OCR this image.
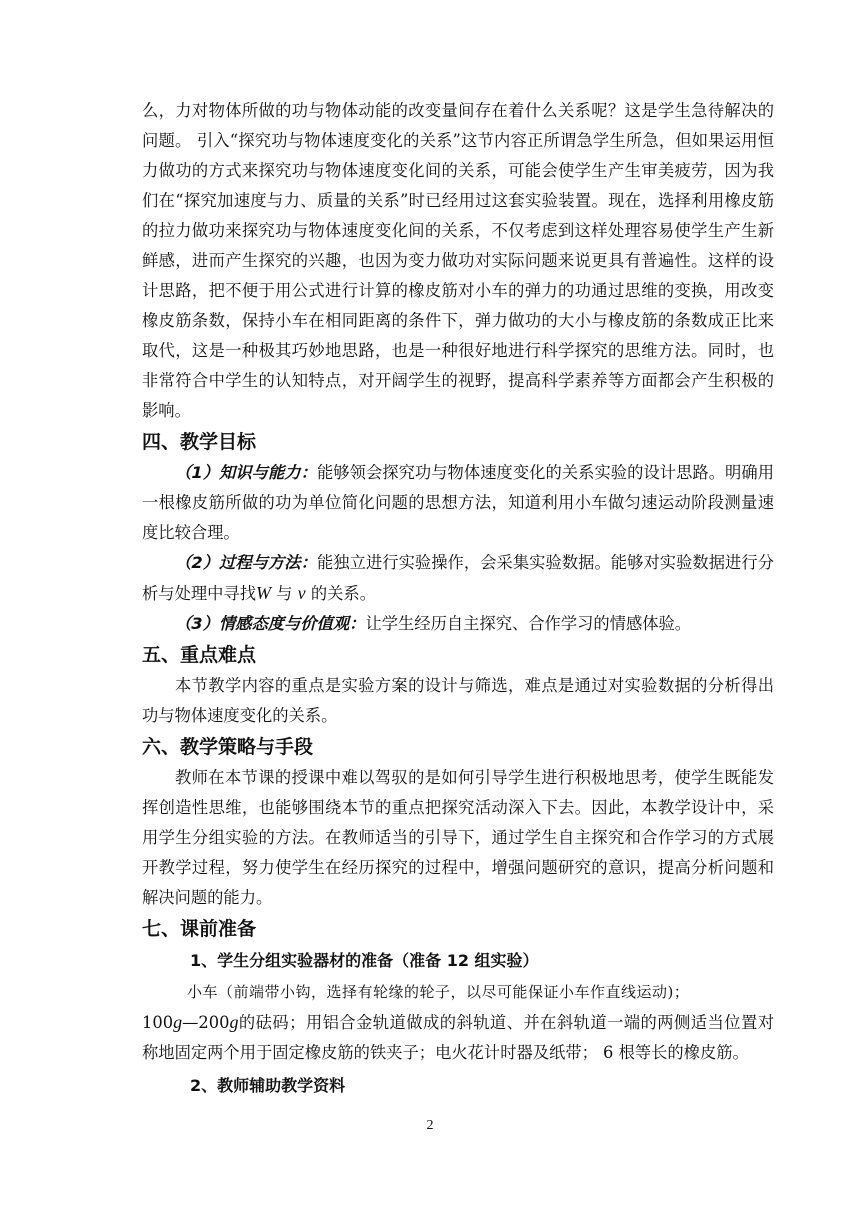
么，力对物体所做的功与物体动能的改变量间存在着什么关系呢？这是学生急待解决的问题。 引入“探究功与物体速度变化的关系”这节内容正所谓急学生所急，但如果运用恒力做功的方式来探究功与物体速度变化间的关系，可能会使学生产生审美疲劳，因为我们在“探究加速度与力、质量的关系”时已经用过这套实验装置。现在，选择利用橡皮筋的拉力做功来探究功与物体速度变化间的关系，不仅考虑到这样处理容易使学生产生新鲜感，进而产生探究的兴趣，也因为变力做功对实际问题来说更具有普遍性。这样的设计思路，把不便于用公式进行计算的橡皮筋对小车的弹力的功通过思维的变换，用改变橡皮筋条数，保持小车在相同距离的条件下，弹力做功的大小与橡皮筋的条数成正比来取代，这是一种极其巧妙地思路，也是一种很好地进行科学探究的思维方法。同时，也非常符合中学生的认知特点，对开阔学生的视野，提高科学素养等方面都会产生积极的影响。

四、教学目标

（1）知识与能力：能够领会探究功与物体速度变化的关系实验的设计思路。明确用一根橡皮筋所做的功为单位简化问题的思想方法，知道利用小车做匀速运动阶段测量速度比较合理。

（2）过程与方法：能独立进行实验操作，会采集实验数据。能够对实验数据进行分析与处理中寻找W 与 v 的关系。

（3）情感态度与价值观：让学生经历自主探究、合作学习的情感体验。

五、重点难点

本节教学内容的重点是实验方案的设计与筛选，难点是通过对实验数据的分析得出功与物体速度变化的关系。

六、教学策略与手段

教师在本节课的授课中难以驾驭的是如何引导学生进行积极地思考，使学生既能发挥创造性思维，也能够围绕本节的重点把探究活动深入下去。因此，本教学设计中，采用学生分组实验的方法。在教师适当的引导下，通过学生自主探究和合作学习的方式展开教学过程，努力使学生在经历探究的过程中，增强问题研究的意识，提高分析问题和解决问题的能力。

七、课前准备
1、学生分组实验器材的准备（准备 12 组实验）

小车（前端带小钩，选择有轮缘的轮子，以尽可能保证小车作直线运动)；
100g—200g的砝码；用铝合金轨道做成的斜轨道、并在斜轨道一端的两侧适当位置对称地固定两个用于固定橡皮筋的铁夹子；电火花计时器及纸带； 6 根等长的橡皮筋。

2、教师辅助教学资料
2
